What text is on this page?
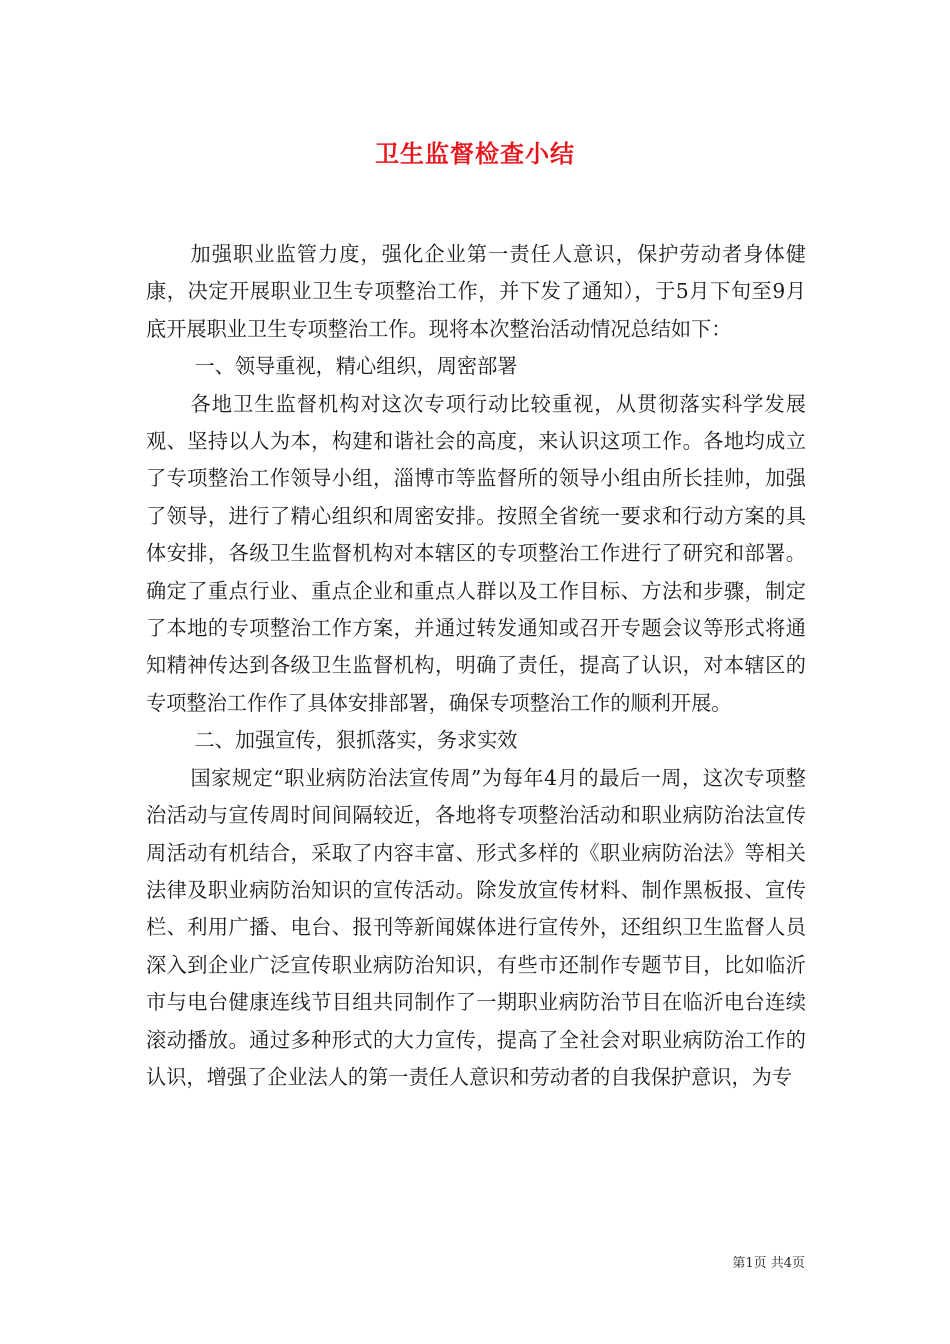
卫生监督检查小结

加强职业监管力度，强化企业第一责任人意识，保护劳动者身体健康，决定开展职业卫生专项整治工作，并下发了通知），于5月下旬至9月底开展职业卫生专项整治工作。现将本次整治活动情况总结如下：

一、领导重视，精心组织，周密部署

各地卫生监督机构对这次专项行动比较重视，从贯彻落实科学发展观、坚持以人为本，构建和谐社会的高度，来认识这项工作。各地均成立了专项整治工作领导小组，淄博市等监督所的领导小组由所长挂帅，加强了领导，进行了精心组织和周密安排。按照全省统一要求和行动方案的具体安排，各级卫生监督机构对本辖区的专项整治工作进行了研究和部署。确定了重点行业、重点企业和重点人群以及工作目标、方法和步骤，制定了本地的专项整治工作方案，并通过转发通知或召开专题会议等形式将通知精神传达到各级卫生监督机构，明确了责任，提高了认识，对本辖区的专项整治工作作了具体安排部署，确保专项整治工作的顺利开展。

二、加强宣传，狠抓落实，务求实效

国家规定“职业病防治法宣传周”为每年4月的最后一周，这次专项整治活动与宣传周时间间隔较近，各地将专项整治活动和职业病防治法宣传周活动有机结合，采取了内容丰富、形式多样的《职业病防治法》等相关法律及职业病防治知识的宣传活动。除发放宣传材料、制作黑板报、宣传栏、利用广播、电台、报刊等新闻媒体进行宣传外，还组织卫生监督人员深入到企业广泛宣传职业病防治知识，有些市还制作专题节目，比如临沂市与电台健康连线节目组共同制作了一期职业病防治节目在临沂电台连续滚动播放。通过多种形式的大力宣传，提高了全社会对职业病防治工作的认识，增强了企业法人的第一责任人意识和劳动者的自我保护意识，为专

第1页 共4页
